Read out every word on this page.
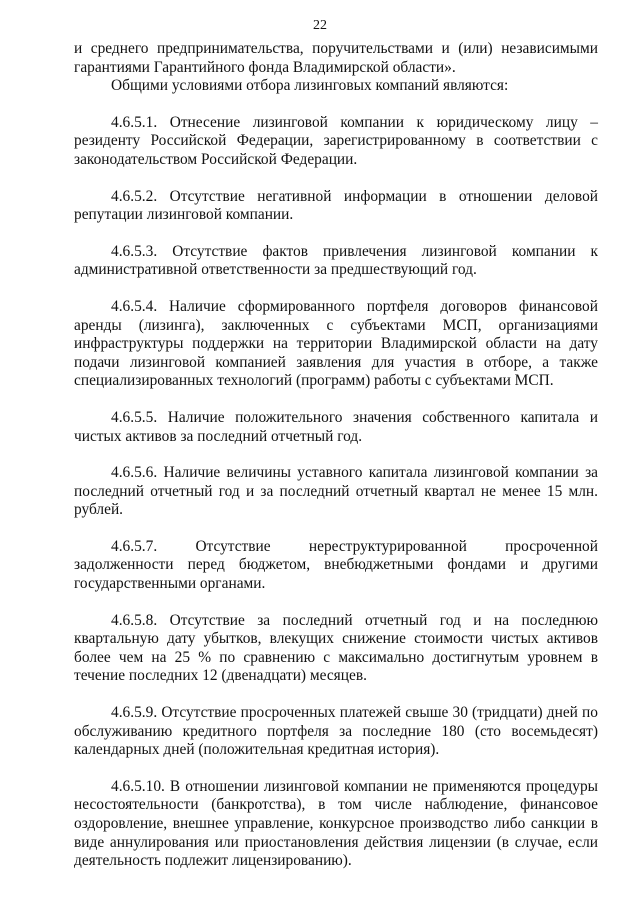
22

и среднего предпринимательства, поручительствами и (или) независимыми гарантиями Гарантийного фонда Владимирской области».

Общими условиями отбора лизинговых компаний являются:

4.6.5.1. Отнесение лизинговой компании к юридическому лицу – резиденту Российской Федерации, зарегистрированному в соответствии с законодательством Российской Федерации.

4.6.5.2. Отсутствие негативной информации в отношении деловой репутации лизинговой компании.

4.6.5.3. Отсутствие фактов привлечения лизинговой компании к административной ответственности за предшествующий год.

4.6.5.4. Наличие сформированного портфеля договоров финансовой аренды (лизинга), заключенных с субъектами МСП, организациями инфраструктуры поддержки на территории Владимирской области на дату подачи лизинговой компанией заявления для участия в отборе, а также специализированных технологий (программ) работы с субъектами МСП.

4.6.5.5. Наличие положительного значения собственного капитала и чистых активов за последний отчетный год.

4.6.5.6. Наличие величины уставного капитала лизинговой компании за последний отчетный год и за последний отчетный квартал не менее 15 млн. рублей.

4.6.5.7. Отсутствие нереструктурированной просроченной задолженности перед бюджетом, внебюджетными фондами и другими государственными органами.

4.6.5.8. Отсутствие за последний отчетный год и на последнюю квартальную дату убытков, влекущих снижение стоимости чистых активов более чем на 25 % по сравнению с максимально достигнутым уровнем в течение последних 12 (двенадцати) месяцев.

4.6.5.9. Отсутствие просроченных платежей свыше 30 (тридцати) дней по обслуживанию кредитного портфеля за последние 180 (сто восемьдесят) календарных дней (положительная кредитная история).

4.6.5.10. В отношении лизинговой компании не применяются процедуры несостоятельности (банкротства), в том числе наблюдение, финансовое оздоровление, внешнее управление, конкурсное производство либо санкции в виде аннулирования или приостановления действия лицензии (в случае, если деятельность подлежит лицензированию).
